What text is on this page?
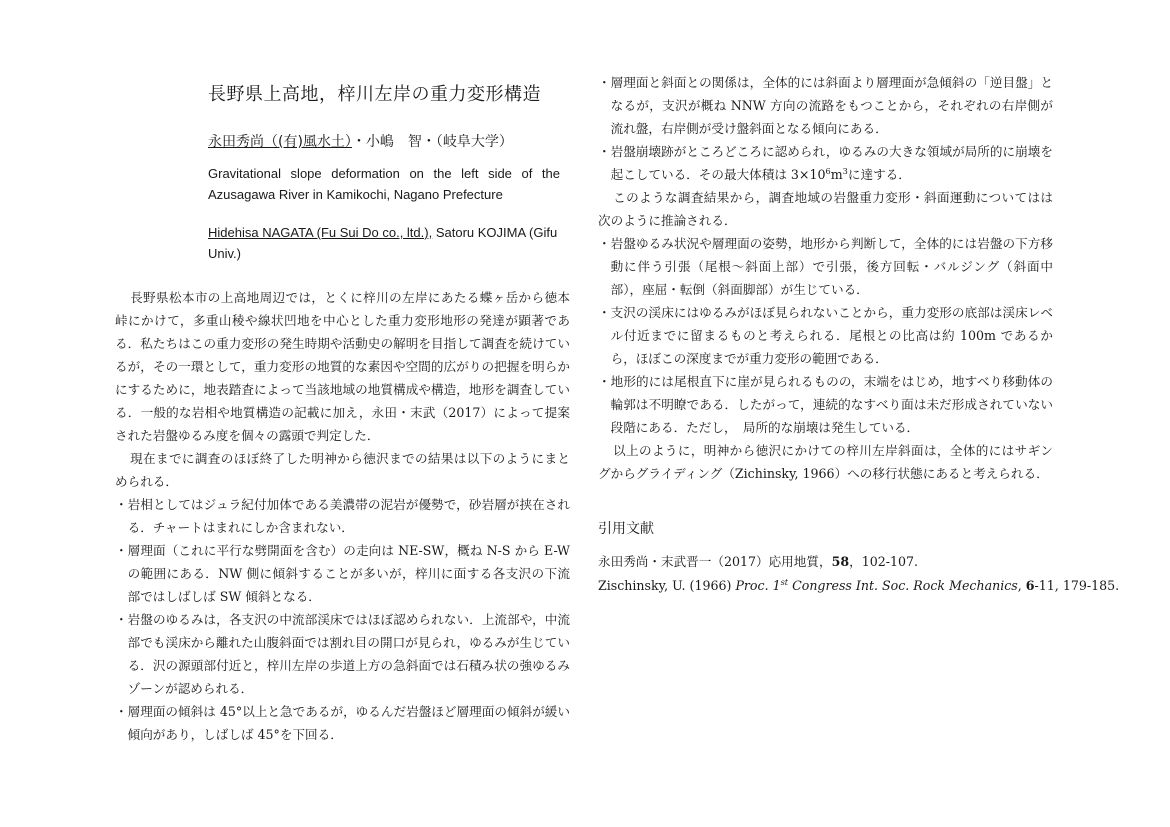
長野県上高地，梓川左岸の重力変形構造
永田秀尚（(有)風水土）・小嶋　智・（岐阜大学）

Gravitational slope deformation on the left side of the Azusagawa River in Kamikochi, Nagano Prefecture

Hidehisa NAGATA (Fu Sui Do co., ltd.), Satoru KOJIMA (Gifu Univ.)

長野県松本市の上高地周辺では，とくに梓川の左岸にあたる蝶ヶ岳から徳本峠にかけて，多重山稜や線状凹地を中心とした重力変形地形の発達が顕著である．私たちはこの重力変形の発生時期や活動史の解明を目指して調査を続けているが，その一環として，重力変形の地質的な素因や空間的広がりの把握を明らかにするために，地表踏査によって当該地域の地質構成や構造，地形を調査している．一般的な岩相や地質構造の記載に加え，永田・末武（2017）によって提案された岩盤ゆるみ度を個々の露頭で判定した．

現在までに調査のほぼ終了した明神から徳沢までの結果は以下のようにまとめられる．

・岩相としてはジュラ紀付加体である美濃帯の泥岩が優勢で，砂岩層が挟在される．チャートはまれにしか含まれない．

・層理面（これに平行な劈開面を含む）の走向は NE-SW，概ね N-S から E-W の範囲にある．NW 側に傾斜することが多いが，梓川に面する各支沢の下流部ではしばしば SW 傾斜となる．

・岩盤のゆるみは，各支沢の中流部渓床ではほぼ認められない．上流部や，中流部でも渓床から離れた山腹斜面では割れ目の開口が見られ，ゆるみが生じている．沢の源頭部付近と，梓川左岸の歩道上方の急斜面では石積み状の強ゆるみゾーンが認められる．

・層理面の傾斜は 45°以上と急であるが，ゆるんだ岩盤ほど層理面の傾斜が緩い傾向があり，しばしば 45°を下回る．

・層理面と斜面との関係は，全体的には斜面より層理面が急傾斜の「逆目盤」となるが，支沢が概ね NNW 方向の流路をもつことから，それぞれの右岸側が流れ盤，右岸側が受け盤斜面となる傾向にある．

・岩盤崩壊跡がところどころに認められ，ゆるみの大きな領域が局所的に崩壊を起こしている．その最大体積は $3\times 10^6m^3$に達する．

このような調査結果から，調査地域の岩盤重力変形・斜面運動についてはは次のように推論される．

・岩盤ゆるみ状況や層理面の姿勢，地形から判断して，全体的には岩盤の下方移動に伴う引張（尾根～斜面上部）で引張，後方回転・バルジング（斜面中部），座屈・転倒（斜面脚部）が生じている．

・支沢の渓床にはゆるみがほぼ見られないことから，重力変形の底部は渓床レベル付近までに留まるものと考えられる．尾根との比高は約 100m であるから，ほぼこの深度までが重力変形の範囲である．

・地形的には尾根直下に崖が見られるものの，末端をはじめ，地すべり移動体の輪郭は不明瞭である．したがって，連続的なすべり面は未だ形成されていない段階にある．ただし，　局所的な崩壊は発生している．

以上のように，明神から徳沢にかけての梓川左岸斜面は，全体的にはサギングからグライディング（Zichinsky, 1966）への移行状態にあると考えられる．

引用文献

永田秀尚・末武晋一（2017）応用地質，58，102-107.

Zischinsky, U. (1966) Proc. 1st Congress Int. Soc. Rock Mechanics, 6-11, 179-185.
